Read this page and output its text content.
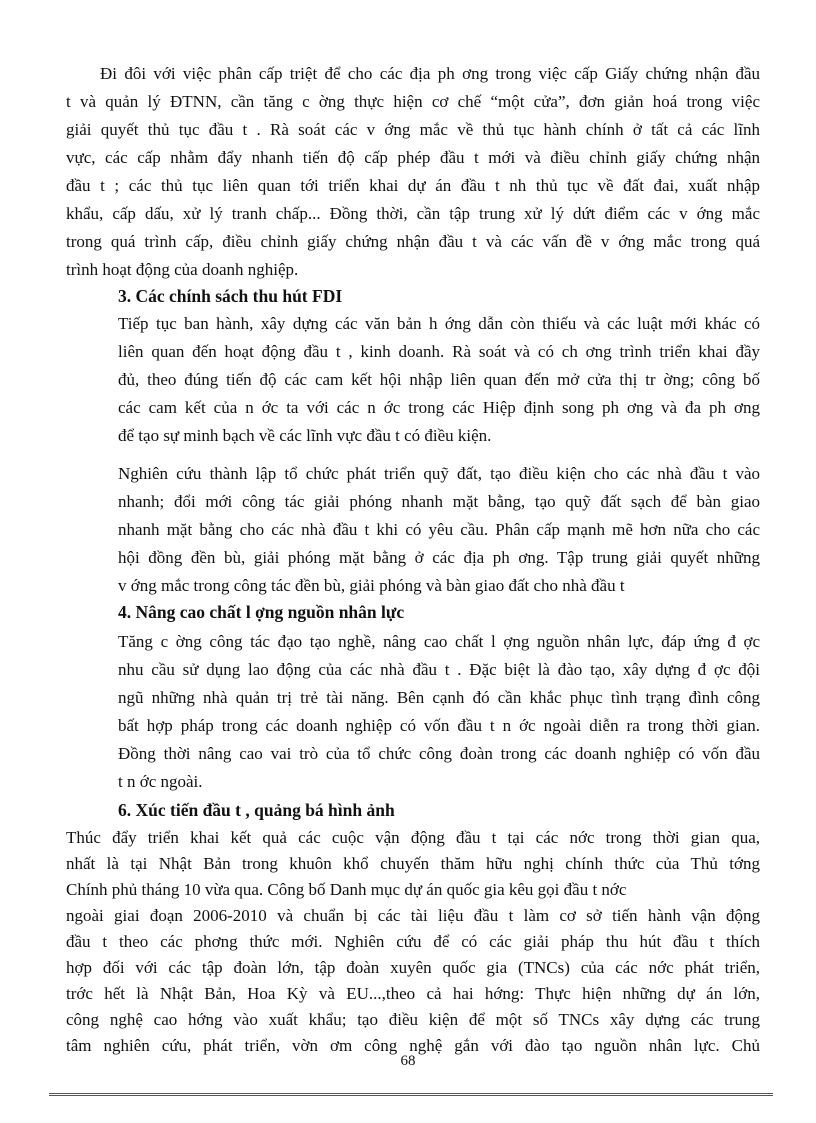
Đi đôi với việc phân cấp triệt để cho các địa ph ơng trong việc cấp Giấy chứng nhận đầu
t và quản lý ĐTNN, cần tăng c ờng thực hiện cơ chế “một cửa”, đơn giản hoá trong việc
giải quyết thủ tục đầu t . Rà soát các v ớng mắc về thủ tục hành chính ở tất cả các lĩnh
vực, các cấp nhằm đẩy nhanh tiến độ cấp phép đầu t mới và điều chỉnh giấy chứng nhận
đầu t ; các thủ tục liên quan tới triển khai dự án đầu t nh thủ tục về đất đai, xuất nhập
khẩu, cấp dấu, xử lý tranh chấp... Đồng thời, cần tập trung xử lý dứt điểm các v ớng mắc
trong quá trình cấp, điều chỉnh giấy chứng nhận đầu t và các vấn đề v ớng mắc trong quá
trình hoạt động của doanh nghiệp.
3. Các chính sách thu hút FDI
Tiếp tục ban hành, xây dựng các văn bản h ớng dẫn còn thiếu và các luật mới khác có
liên quan đến hoạt động đầu t , kinh doanh. Rà soát và có ch ơng trình triển khai đầy
đủ, theo đúng tiến độ các cam kết hội nhập liên quan đến mở cửa thị tr ờng; công bố
các cam kết của n ớc ta với các n ớc trong các Hiệp định song ph ơng và đa ph ơng
để tạo sự minh bạch về các lĩnh vực đầu t có điều kiện.
Nghiên cứu thành lập tổ chức phát triển quỹ đất, tạo điều kiện cho các nhà đầu t vào
nhanh; đổi mới công tác giải phóng nhanh mặt bằng, tạo quỹ đất sạch để bàn giao
nhanh mặt bằng cho các nhà đầu t khi có yêu cầu. Phân cấp mạnh mẽ hơn nữa cho các
hội đồng đền bù, giải phóng mặt bằng ở các địa ph ơng. Tập trung giải quyết những
v ớng mắc trong công tác đền bù, giải phóng và bàn giao đất cho nhà đầu t
4. Nâng cao chất l ợng nguồn nhân lực
Tăng c ờng công tác đạo tạo nghề, nâng cao chất l ợng nguồn nhân lực, đáp ứng đ ợc
nhu cầu sử dụng lao động của các nhà đầu t . Đặc biệt là đào tạo, xây dựng đ ợc đội
ngũ những nhà quản trị trẻ tài năng. Bên cạnh đó cần khắc phục tình trạng đình công
bất hợp pháp trong các doanh nghiệp có vốn đầu t n ớc ngoài diễn ra trong thời gian.
Đồng thời nâng cao vai trò của tổ chức công đoàn trong các doanh nghiệp có vốn đầu
t n ớc ngoài.
6. Xúc tiến đầu t , quảng bá hình ảnh
Thúc đẩy triển khai kết quả các cuộc vận động đầu t tại các nớc trong thời gian qua,
nhất là tại Nhật Bản trong khuôn khổ chuyến thăm hữu nghị chính thức của Thủ tớng
Chính phủ tháng 10 vừa qua. Công bố Danh mục dự án quốc gia kêu gọi đầu t nớc
ngoài giai đoạn 2006-2010 và chuẩn bị các tài liệu đầu t làm cơ sở tiến hành vận động
đầu t theo các phơng thức mới. Nghiên cứu để có các giải pháp thu hút đầu t thích
hợp đối với các tập đoàn lớn, tập đoàn xuyên quốc gia (TNCs) của các nớc phát triển,
trớc hết là Nhật Bản, Hoa Kỳ và EU...,theo cả hai hớng: Thực hiện những dự án lớn,
công nghệ cao hớng vào xuất khẩu; tạo điều kiện để một số TNCs xây dựng các trung
68
tâm nghiên cứu, phát triển, vờn ơm công nghệ gắn với đào tạo nguồn nhân lực. Chủ
